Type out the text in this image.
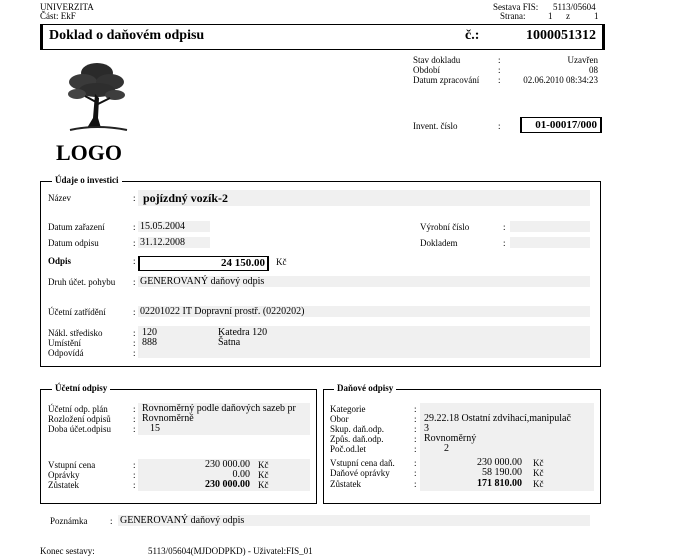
UNIVERZITA
Část: EkF
Sestava FIS: 5113/05604
Strana:	1 z	1
Doklad o daňovém odpisu	č.:	1000051312
Stav dokladu	:	Uzavřen
Období	:	08
Datum zpracování :	02.06.2010 08:34:23
Invent. číslo	:	01-00017/000
LOGO
Údaje o investici
Název	: pojízdný vozík-2
Datum zařazení	: 15.05.2004
Datum odpisu	: 31.12.2008
Výrobní číslo	:
Dokladem	:
Odpis	:	24 150.00 Kč
Druh účet. pohybu : GENEROVANÝ daňový odpis
Účetní zatřídění	: 02201022 IT Dopravní prostř. (0220202)
Nákl. středisko	: 120	Katedra 120
Umístění	: 888	Šatna
Odpovídá	:
Účetní odpisy
Účetní odp. plán	: Rovnoměrný podle daňových sazeb pr
Rozložení odpisů : Rovnoměrně
Doba účet.odpisu : 15
Vstupní cena	:	230 000.00 Kč
Oprávky	:	0.00 Kč
Zůstatek	:	230 000.00 Kč
Daňové odpisy
Kategorie	:
Obor	: 29.22.18 Ostatní zdvihací,manipulač
Skup. daň.odp.	: 3
Způs. daň.odp.	: Rovnoměrný
Poč.od.let	:	2
Vstupní cena daň. :	230 000.00 Kč
Daňové oprávky	:	58 190.00 Kč
Zůstatek	:	171 810.00 Kč
Poznámka	: GENEROVANÝ daňový odpis
Konec sestavy:	5113/05604(MJDODPKD) - Uživatel:FIS_01
